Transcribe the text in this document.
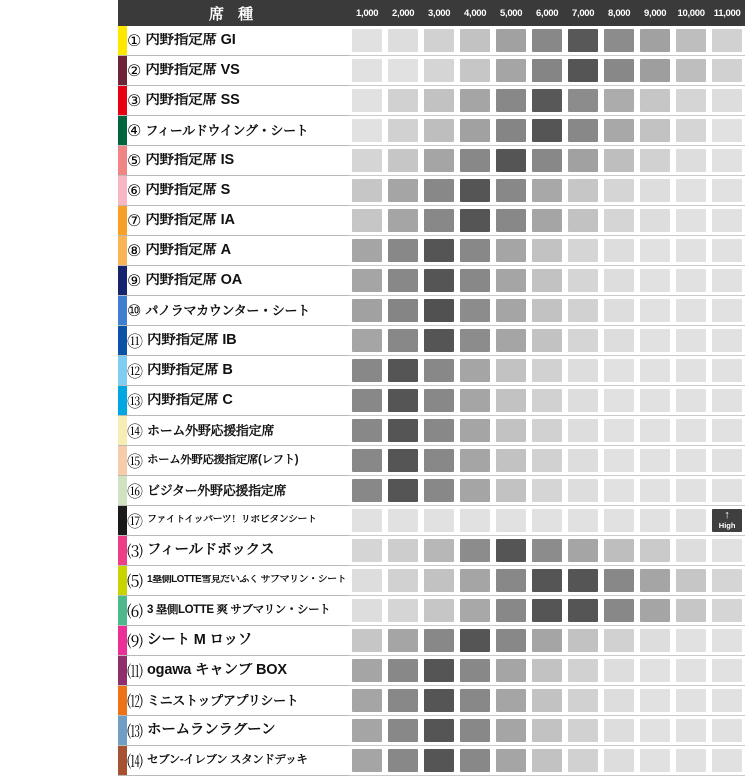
席 種	1,000	2,000	3,000	4,000	5,000	6,000	7,000	8,000	9,000	10,000	11,000

① 内野指定席 GI											

② 内野指定席 VS											

③ 内野指定席 SS											

④ フィールドウイング・シート											

⑤ 内野指定席 IS											

⑥ 内野指定席 S											

⑦ 内野指定席 IA											

⑧ 内野指定席 A											

⑨ 内野指定席 OA											

⑩ パノラマカウンター・シート											

⑪ 内野指定席 IB											

⑫ 内野指定席 B											

⑬ 内野指定席 C											

⑭ ホーム外野応援指定席											

⑮ ホーム外野応援指定席(レフト)											

⑯ ビジター外野応援指定席											

⑰ ファイトイッパーツ！リボビタンシート											↑
High

⑶ フィールドボックス											

⑸ 1塁側LOTTE雪見だいふく サブマリン・シート											

⑹ 3 塁側LOTTE 爽 サブマリン・シート											

⑼ シート M ロッソ											

⑾ ogawa キャンプ BOX											

⑿ ミニストップアプリシート											

⒀ ホームランラグーン											

⒁ セブン-イレブン スタンドデッキ											
